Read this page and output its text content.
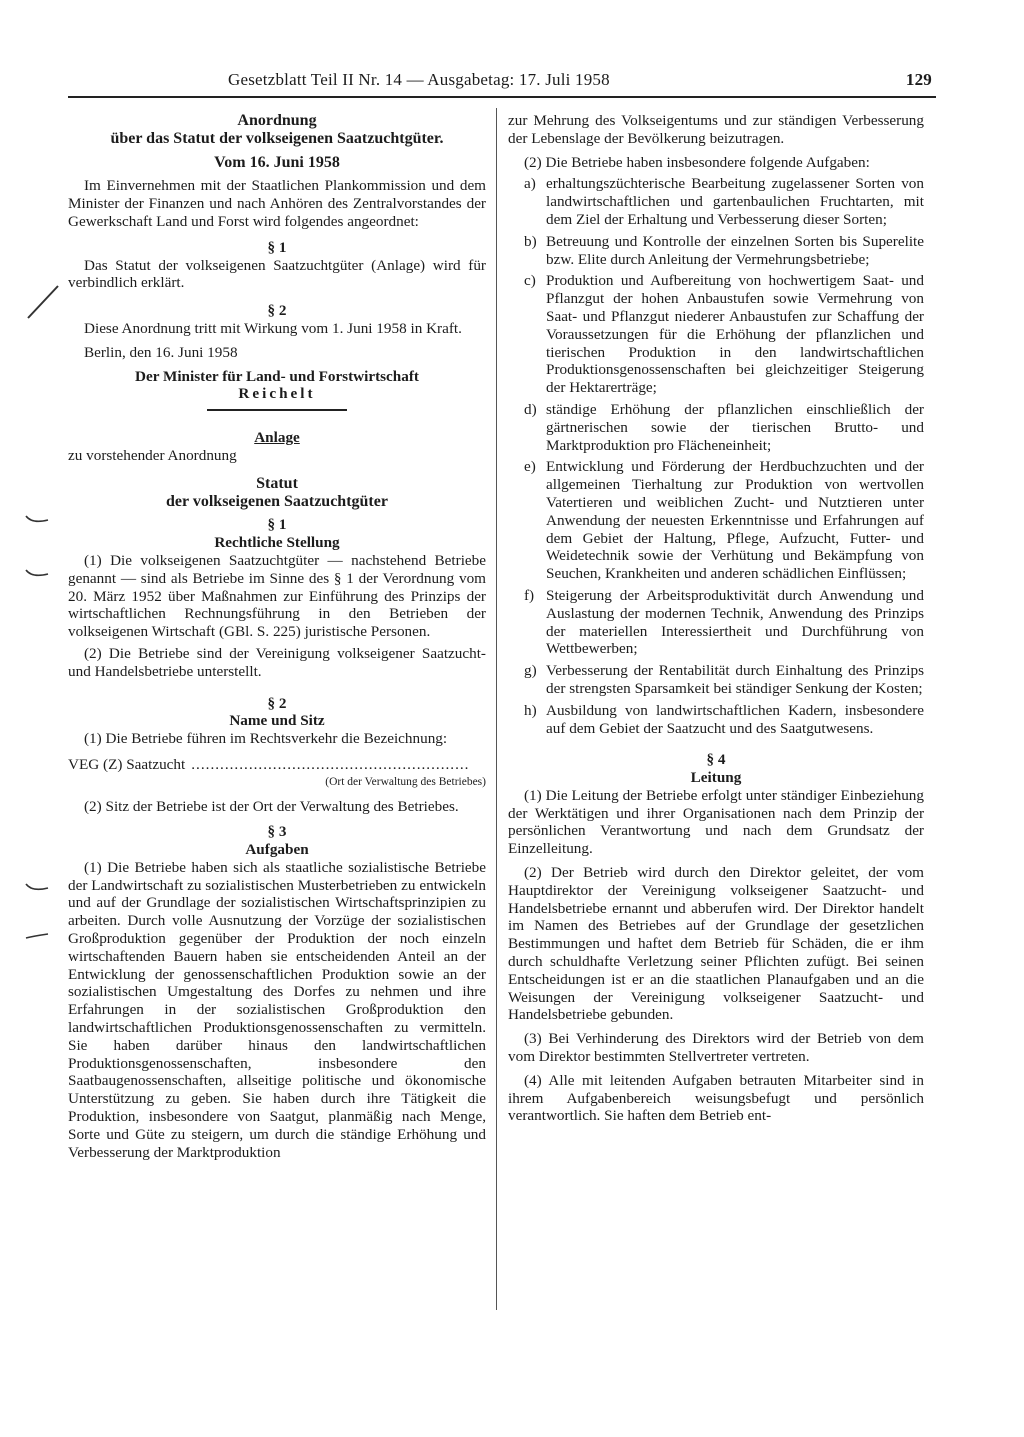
Gesetzblatt Teil II Nr. 14 — Ausgabetag: 17. Juli 1958	129

Anordnung

über das Statut der volkseigenen Saatzuchtgüter.

Vom 16. Juni 1958

Im Einvernehmen mit der Staatlichen Plankommission und dem Minister der Finanzen und nach Anhören des Zentralvorstandes der Gewerkschaft Land und Forst wird folgendes angeordnet:

§ 1

Das Statut der volkseigenen Saatzuchtgüter (Anlage) wird für verbindlich erklärt.

§ 2

Diese Anordnung tritt mit Wirkung vom 1. Juni 1958 in Kraft.

Berlin, den 16. Juni 1958

Der Minister für Land- und Forstwirtschaft

Reichelt

Anlage

zu vorstehender Anordnung

Statut

der volkseigenen Saatzuchtgüter

§ 1

Rechtliche Stellung

(1) Die volkseigenen Saatzuchtgüter — nachstehend Betriebe genannt — sind als Betriebe im Sinne des § 1 der Verordnung vom 20. März 1952 über Maßnahmen zur Einführung des Prinzips der wirtschaftlichen Rechnungsführung in den Betrieben der volkseigenen Wirtschaft (GBl. S. 225) juristische Personen.

(2) Die Betriebe sind der Vereinigung volkseigener Saatzucht- und Handelsbetriebe unterstellt.

§ 2

Name und Sitz

(1) Die Betriebe führen im Rechtsverkehr die Bezeichnung:

VEG (Z) Saatzucht ..........................................................

(Ort der Verwaltung des Betriebes)

(2) Sitz der Betriebe ist der Ort der Verwaltung des Betriebes.

§ 3

Aufgaben

(1) Die Betriebe haben sich als staatliche sozialistische Betriebe der Landwirtschaft zu sozialistischen Musterbetrieben zu entwickeln und auf der Grundlage der sozialistischen Wirtschaftsprinzipien zu arbeiten. Durch volle Ausnutzung der Vorzüge der sozialistischen Großproduktion gegenüber der Produktion der noch einzeln wirtschaftenden Bauern haben sie entscheidenden Anteil an der Entwicklung der genossenschaftlichen Produktion sowie an der sozialistischen Umgestaltung des Dorfes zu nehmen und ihre Erfahrungen in der sozialistischen Großproduktion den landwirtschaftlichen Produktionsgenossenschaften zu vermitteln. Sie haben darüber hinaus den landwirtschaftlichen Produktionsgenossenschaften, insbesondere den Saatbaugenossenschaften, allseitige politische und ökonomische Unterstützung zu geben. Sie haben durch ihre Tätigkeit die Produktion, insbesondere von Saatgut, planmäßig nach Menge, Sorte und Güte zu steigern, um durch die ständige Erhöhung und Verbesserung der Marktproduktion

zur Mehrung des Volkseigentums und zur ständigen Verbesserung der Lebenslage der Bevölkerung beizutragen.

(2) Die Betriebe haben insbesondere folgende Aufgaben:

a) erhaltungszüchterische Bearbeitung zugelassener Sorten von landwirtschaftlichen und gartenbaulichen Fruchtarten, mit dem Ziel der Erhaltung und Verbesserung dieser Sorten;
b) Betreuung und Kontrolle der einzelnen Sorten bis Superelite bzw. Elite durch Anleitung der Vermehrungsbetriebe;
c) Produktion und Aufbereitung von hochwertigem Saat- und Pflanzgut der hohen Anbaustufen sowie Vermehrung von Saat- und Pflanzgut niederer Anbaustufen zur Schaffung der Voraussetzungen für die Erhöhung der pflanzlichen und tierischen Produktion in den landwirtschaftlichen Produktionsgenossenschaften bei gleichzeitiger Steigerung der Hektarerträge;
d) ständige Erhöhung der pflanzlichen einschließlich der gärtnerischen sowie der tierischen Brutto- und Marktproduktion pro Flächeneinheit;
e) Entwicklung und Förderung der Herdbuchzuchten und der allgemeinen Tierhaltung zur Produktion von wertvollen Vatertieren und weiblichen Zucht- und Nutztieren unter Anwendung der neuesten Erkenntnisse und Erfahrungen auf dem Gebiet der Haltung, Pflege, Aufzucht, Futter- und Weidetechnik sowie der Verhütung und Bekämpfung von Seuchen, Krankheiten und anderen schädlichen Einflüssen;
f) Steigerung der Arbeitsproduktivität durch Anwendung und Auslastung der modernen Technik, Anwendung des Prinzips der materiellen Interessiertheit und Durchführung von Wettbewerben;
g) Verbesserung der Rentabilität durch Einhaltung des Prinzips der strengsten Sparsamkeit bei ständiger Senkung der Kosten;
h) Ausbildung von landwirtschaftlichen Kadern, insbesondere auf dem Gebiet der Saatzucht und des Saatgutwesens.

§ 4

Leitung

(1) Die Leitung der Betriebe erfolgt unter ständiger Einbeziehung der Werktätigen und ihrer Organisationen nach dem Prinzip der persönlichen Verantwortung und nach dem Grundsatz der Einzelleitung.

(2) Der Betrieb wird durch den Direktor geleitet, der vom Hauptdirektor der Vereinigung volkseigener Saatzucht- und Handelsbetriebe ernannt und abberufen wird. Der Direktor handelt im Namen des Betriebes auf der Grundlage der gesetzlichen Bestimmungen und haftet dem Betrieb für Schäden, die er ihm durch schuldhafte Verletzung seiner Pflichten zufügt. Bei seinen Entscheidungen ist er an die staatlichen Planaufgaben und an die Weisungen der Vereinigung volkseigener Saatzucht- und Handelsbetriebe gebunden.

(3) Bei Verhinderung des Direktors wird der Betrieb von dem vom Direktor bestimmten Stellvertreter vertreten.

(4) Alle mit leitenden Aufgaben betrauten Mitarbeiter sind in ihrem Aufgabenbereich weisungsbefugt und persönlich verantwortlich. Sie haften dem Betrieb ent-
